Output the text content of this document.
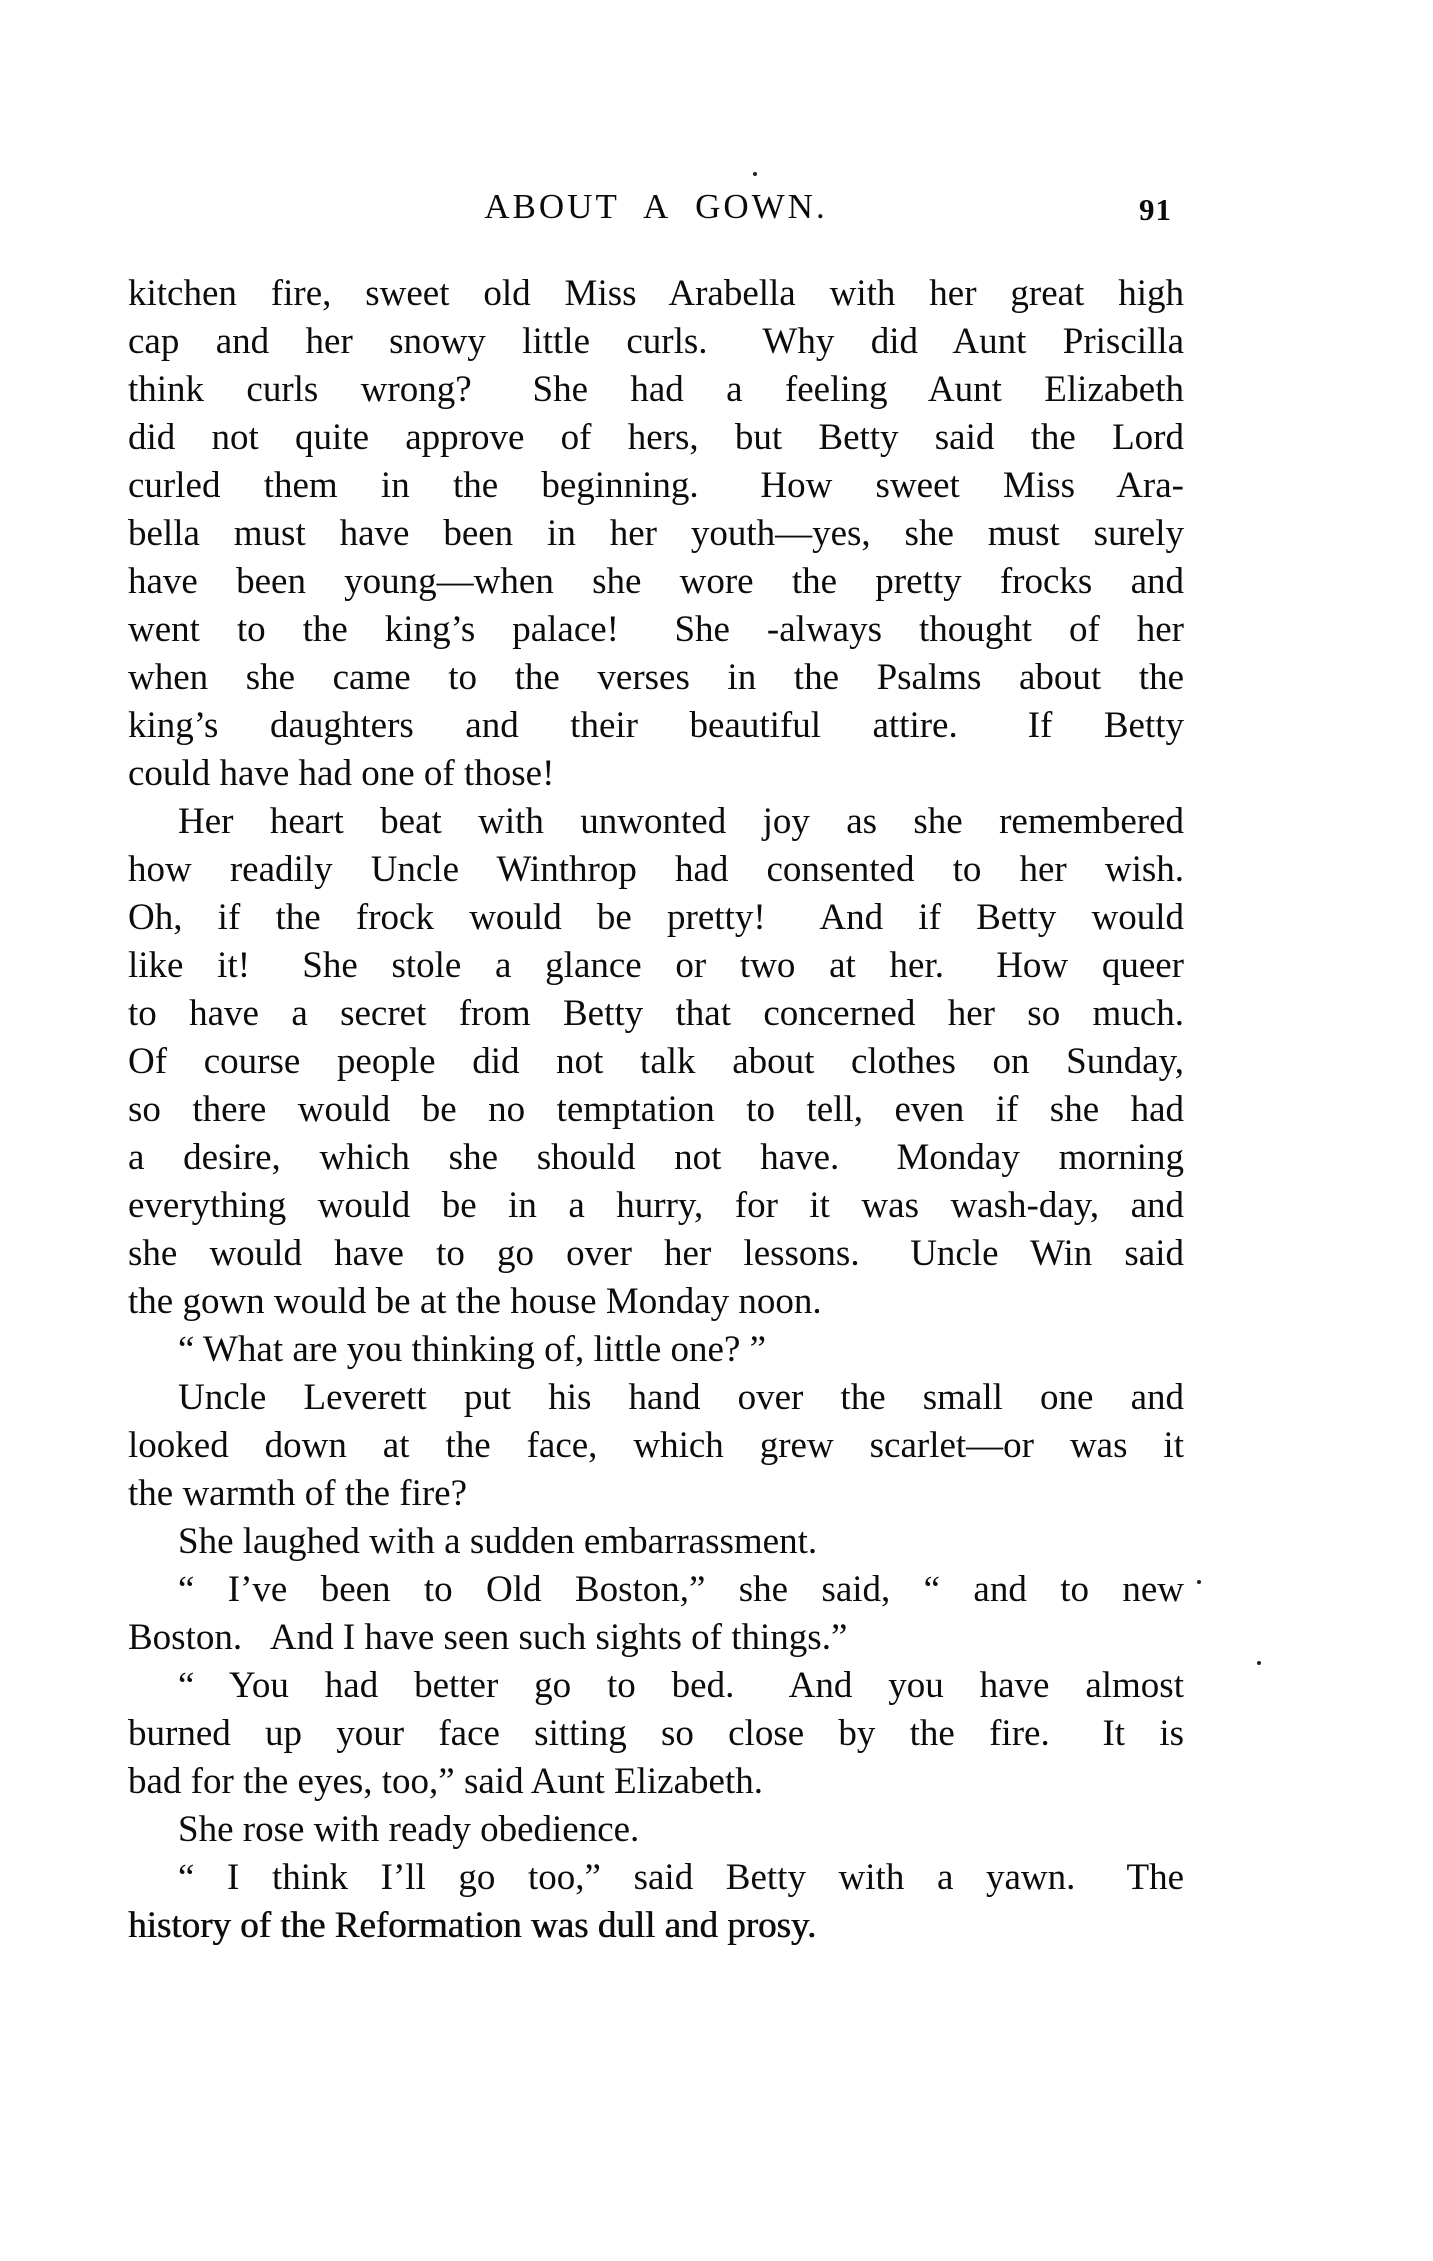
ABOUT A GOWN.	91
kitchen fire, sweet old Miss Arabella with her great high
cap and her snowy little curls.  Why did Aunt Priscilla
think curls wrong?  She had a feeling Aunt Elizabeth
did not quite approve of hers, but Betty said the Lord
curled them in the beginning.  How sweet Miss Ara-
bella must have been in her youth—yes, she must surely
have been young—when she wore the pretty frocks and
went to the king’s palace!  She -always thought of her
when she came to the verses in the Psalms about the
king’s daughters and their beautiful attire.  If Betty
could have had one of those!
Her heart beat with unwonted joy as she remembered
how readily Uncle Winthrop had consented to her wish.
Oh, if the frock would be pretty!  And if Betty would
like it!  She stole a glance or two at her.  How queer
to have a secret from Betty that concerned her so much.
Of course people did not talk about clothes on Sunday,
so there would be no temptation to tell, even if she had
a desire, which she should not have.  Monday morning
everything would be in a hurry, for it was wash-day, and
she would have to go over her lessons.  Uncle Win said
the gown would be at the house Monday noon.
“ What are you thinking of, little one? ”
Uncle Leverett put his hand over the small one and
looked down at the face, which grew scarlet—or was it
the warmth of the fire?
She laughed with a sudden embarrassment.
“ I’ve been to Old Boston,” she said, “ and to new
Boston.  And I have seen such sights of things.”
“ You had better go to bed.  And you have almost
burned up your face sitting so close by the fire.  It is
bad for the eyes, too,” said Aunt Elizabeth.
She rose with ready obedience.
“ I think I’ll go too,” said Betty with a yawn.  The
history of the Reformation was dull and prosy.
